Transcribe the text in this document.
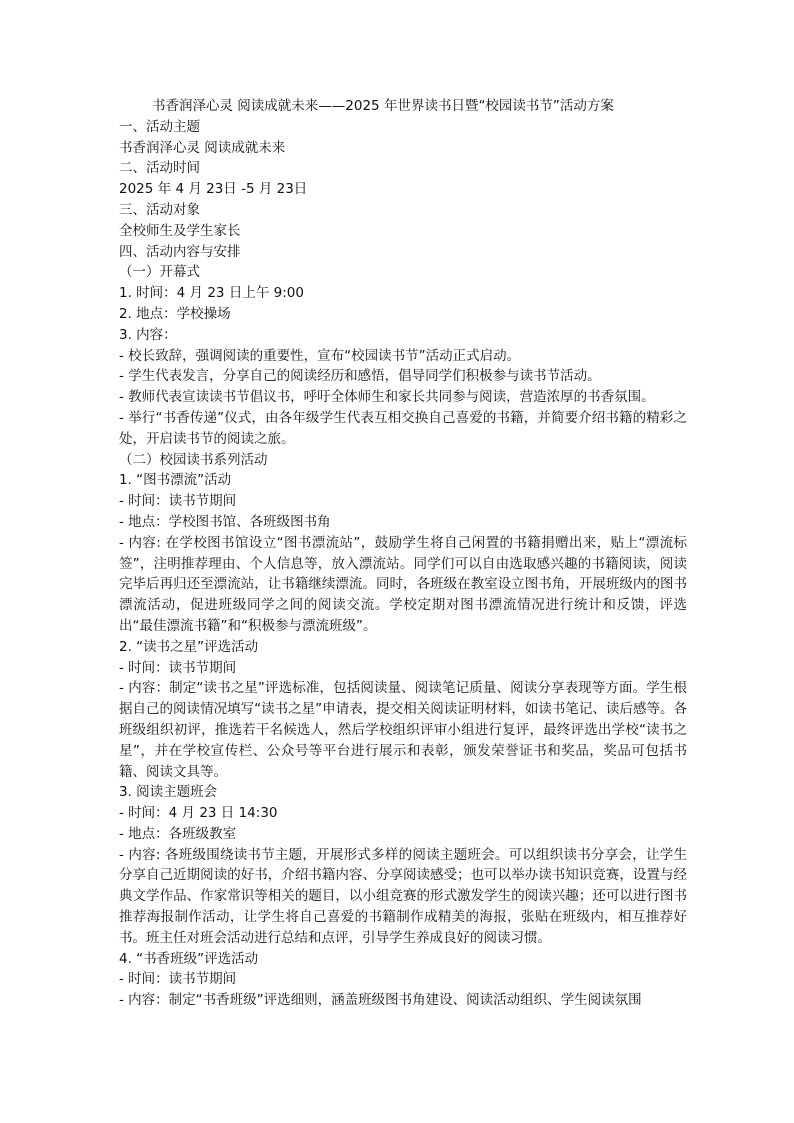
书香润泽心灵 阅读成就未来——2025 年世界读书日暨“校园读书节”活动方案

一、活动主题

书香润泽心灵 阅读成就未来

二、活动时间

2025 年 4 月 23日 -5 月 23日

三、活动对象

全校师生及学生家长

四、活动内容与安排

（一）开幕式

1. 时间：4 月 23 日上午 9:00

2. 地点：学校操场

3. 内容：

- 校长致辞，强调阅读的重要性，宣布“校园读书节”活动正式启动。

- 学生代表发言，分享自己的阅读经历和感悟，倡导同学们积极参与读书节活动。

- 教师代表宣读读书节倡议书，呼吁全体师生和家长共同参与阅读，营造浓厚的书香氛围。

- 举行“书香传递”仪式，由各年级学生代表互相交换自己喜爱的书籍，并简要介绍书籍的精彩之处，开启读书节的阅读之旅。

（二）校园读书系列活动

1. “图书漂流”活动

- 时间：读书节期间

- 地点：学校图书馆、各班级图书角

- 内容: 在学校图书馆设立“图书漂流站”，鼓励学生将自己闲置的书籍捐赠出来，贴上“漂流标签”，注明推荐理由、个人信息等，放入漂流站。同学们可以自由选取感兴趣的书籍阅读，阅读完毕后再归还至漂流站，让书籍继续漂流。同时，各班级在教室设立图书角，开展班级内的图书漂流活动，促进班级同学之间的阅读交流。学校定期对图书漂流情况进行统计和反馈，评选出“最佳漂流书籍”和“积极参与漂流班级”。

2. “读书之星”评选活动

- 时间：读书节期间

- 内容：制定“读书之星”评选标准，包括阅读量、阅读笔记质量、阅读分享表现等方面。学生根据自己的阅读情况填写“读书之星”申请表，提交相关阅读证明材料，如读书笔记、读后感等。各班级组织初评，推选若干名候选人，然后学校组织评审小组进行复评，最终评选出学校“读书之星”，并在学校宣传栏、公众号等平台进行展示和表彰，颁发荣誉证书和奖品，奖品可包括书籍、阅读文具等。

3. 阅读主题班会

- 时间：4 月 23 日 14:30

- 地点：各班级教室

- 内容: 各班级围绕读书节主题，开展形式多样的阅读主题班会。可以组织读书分享会，让学生分享自己近期阅读的好书，介绍书籍内容、分享阅读感受；也可以举办读书知识竞赛，设置与经典文学作品、作家常识等相关的题目，以小组竞赛的形式激发学生的阅读兴趣；还可以进行图书推荐海报制作活动，让学生将自己喜爱的书籍制作成精美的海报，张贴在班级内，相互推荐好书。班主任对班会活动进行总结和点评，引导学生养成良好的阅读习惯。

4. “书香班级”评选活动

- 时间：读书节期间

- 内容：制定“书香班级”评选细则，涵盖班级图书角建设、阅读活动组织、学生阅读氛围
